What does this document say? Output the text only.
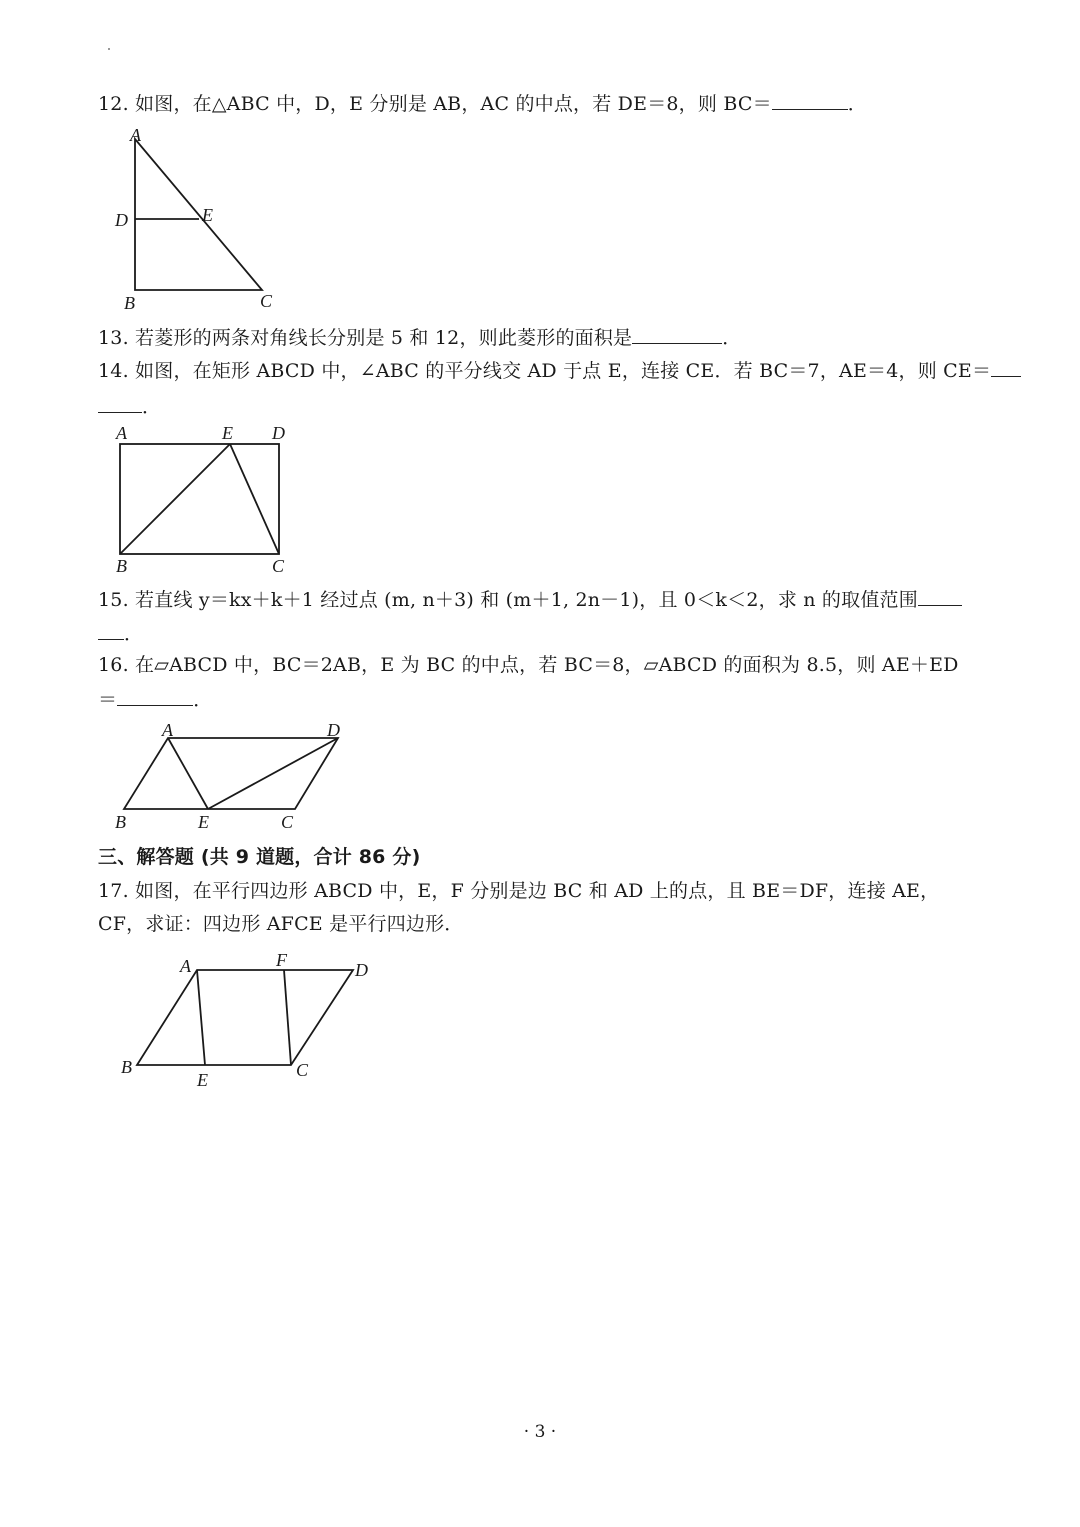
12. 如图，在△ABC 中，D，E 分别是 AB，AC 的中点，若 DE＝8，则 BC＝	．
A
D	E
B	C
13. 若菱形的两条对角线长分别是 5 和 12，则此菱形的面积是	．
14. 如图，在矩形 ABCD 中，∠ABC 的平分线交 AD 于点 E，连接 CE．若 BC＝7，AE＝4，则 CE＝
．
A	E D
B	C
15. 若直线 y＝kx＋k＋1 经过点 (m, n＋3) 和 (m＋1, 2n－1)，且 0＜k＜2，求 n 的取值范围
．
16. 在▱ABCD 中，BC＝2AB，E 为 BC 的中点，若 BC＝8，▱ABCD 的面积为 8.5，则 AE＋ED
＝	．
A	D
B	E	C
三、解答题 (共 9 道题，合计 86 分)
17. 如图，在平行四边形 ABCD 中，E，F 分别是边 BC 和 AD 上的点，且 BE＝DF，连接 AE，
CF，求证：四边形 AFCE 是平行四边形．
A	F	D
B
E	C
· 3 ·
